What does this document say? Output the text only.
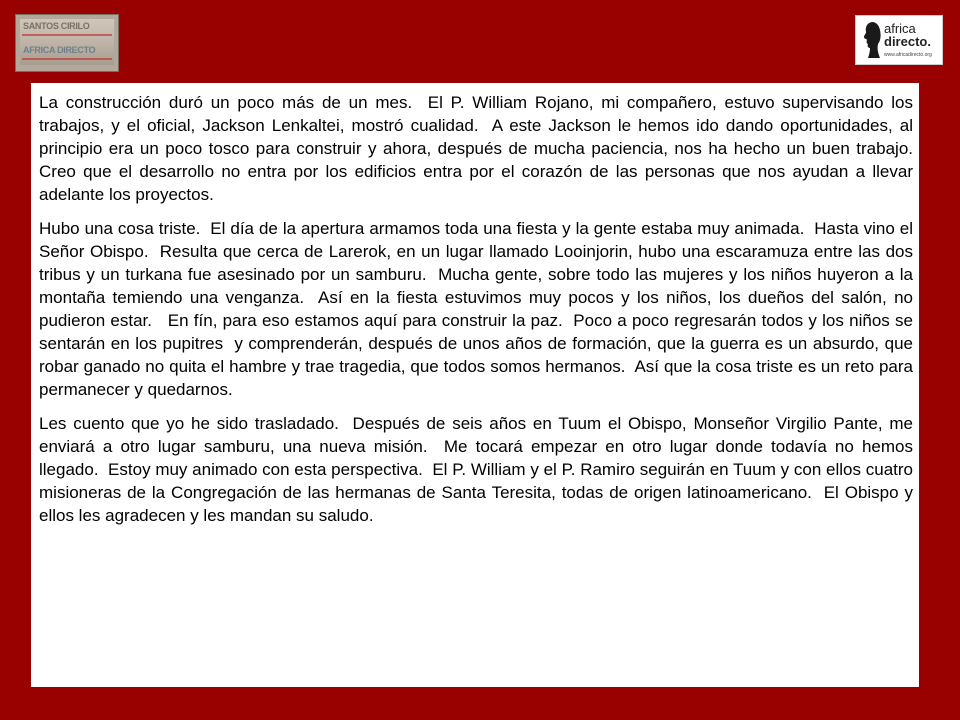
SANTOS CIRILO
AFRICA DIRECTO
africa
directo.
www.africadirecto.org

La construcción duró un poco más de un mes.  El P. William Rojano, mi compañero, estuvo supervisando los trabajos, y el oficial, Jackson Lenkaltei, mostró cualidad.  A este Jackson le hemos ido dando oportunidades, al principio era un poco tosco para construir y ahora, después de mucha paciencia, nos ha hecho un buen trabajo.  Creo que el desarrollo no entra por los edificios entra por el corazón de las personas que nos ayudan a llevar adelante los proyectos.

Hubo una cosa triste.  El día de la apertura armamos toda una fiesta y la gente estaba muy animada.  Hasta vino el Señor Obispo.  Resulta que cerca de Larerok, en un lugar llamado Looinjorin, hubo una escaramuza entre las dos tribus y un turkana fue asesinado por un samburu.  Mucha gente, sobre todo las mujeres y los niños huyeron a la montaña temiendo una venganza.  Así en la fiesta estuvimos muy pocos y los niños, los dueños del salón, no pudieron estar.   En fín, para eso estamos aquí para construir la paz.  Poco a poco regresarán todos y los niños se sentarán en los pupitres  y comprenderán, después de unos años de formación, que la guerra es un absurdo, que robar ganado no quita el hambre y trae tragedia, que todos somos hermanos.  Así que la cosa triste es un reto para permanecer y quedarnos.

Les cuento que yo he sido trasladado.  Después de seis años en Tuum el Obispo, Monseñor Virgilio Pante, me enviará a otro lugar samburu, una nueva misión.  Me tocará empezar en otro lugar donde todavía no hemos llegado.  Estoy muy animado con esta perspectiva.  El P. William y el P. Ramiro seguirán en Tuum y con ellos cuatro misioneras de la Congregación de las hermanas de Santa Teresita, todas de origen latinoamericano.  El Obispo y ellos les agradecen y les mandan su saludo.
